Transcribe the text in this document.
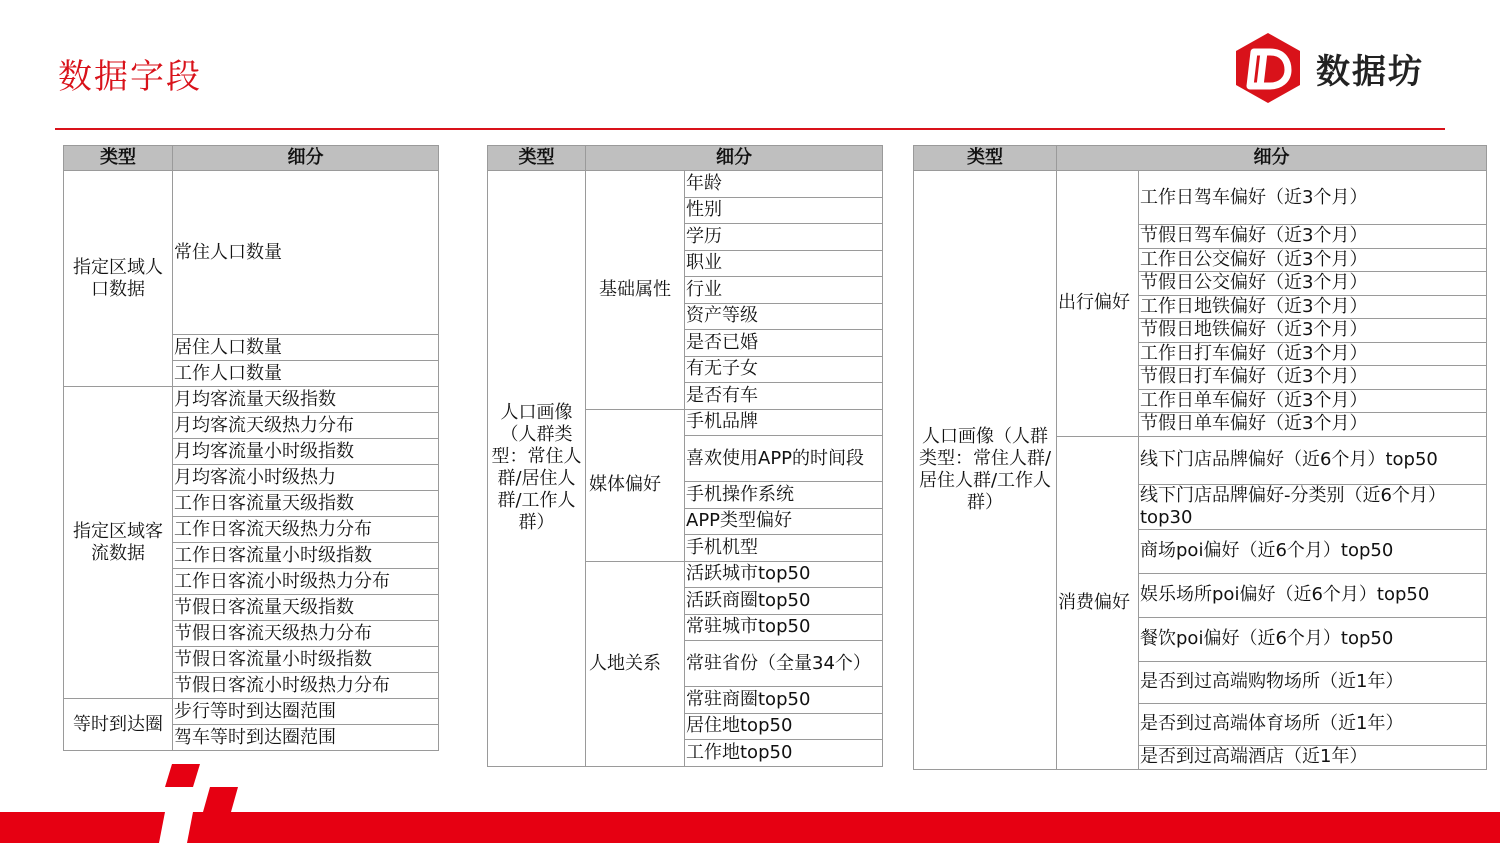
数据字段	数据坊
类型	细分
指定区域人口数据	常住人口数量
	居住人口数量
	工作人口数量
指定区域客流数据	月均客流量天级指数
	月均客流天级热力分布
	月均客流量小时级指数
	月均客流小时级热力
	工作日客流量天级指数
	工作日客流天级热力分布
	工作日客流量小时级指数
	工作日客流小时级热力分布
	节假日客流量天级指数
	节假日客流天级热力分布
	节假日客流量小时级指数
	节假日客流小时级热力分布
等时到达圈	步行等时到达圈范围
	驾车等时到达圈范围
类型	细分	
人口画像（人群类型：常住人群/居住人群/工作人群）	基础属性	年龄
		性别
		学历
		职业
		行业
		资产等级
		是否已婚
		有无子女
		是否有车
	媒体偏好	手机品牌
		喜欢使用APP的时间段
		手机操作系统
		APP类型偏好
		手机机型
	人地关系	活跃城市top50
		活跃商圈top50
		常驻城市top50
		常驻省份（全量34个）
		常驻商圈top50
		居住地top50
		工作地top50
类型	细分	
人口画像（人群类型：常住人群/居住人群/工作人群）	出行偏好	工作日驾车偏好（近3个月）
		节假日驾车偏好（近3个月）
		工作日公交偏好（近3个月）
		节假日公交偏好（近3个月）
		工作日地铁偏好（近3个月）
		节假日地铁偏好（近3个月）
		工作日打车偏好（近3个月）
		节假日打车偏好（近3个月）
		工作日单车偏好（近3个月）
		节假日单车偏好（近3个月）
	消费偏好	线下门店品牌偏好（近6个月）top50
		线下门店品牌偏好-分类别（近6个月）top30
		商场poi偏好（近6个月）top50
		娱乐场所poi偏好（近6个月）top50
		餐饮poi偏好（近6个月）top50
		是否到过高端购物场所（近1年）
		是否到过高端体育场所（近1年）
		是否到过高端酒店（近1年）
